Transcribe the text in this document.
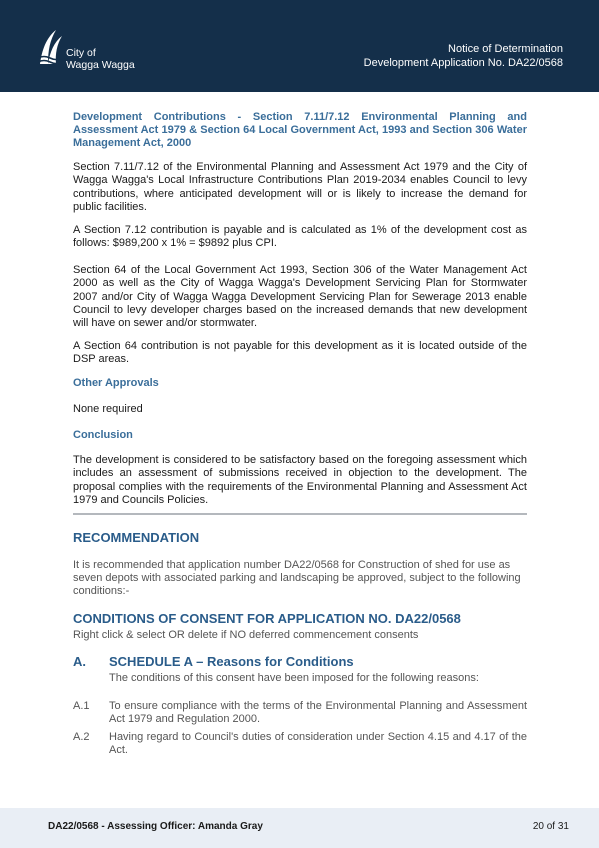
City of
Wagga Wagga
Notice of Determination
Development Application No. DA22/0568
Development Contributions - Section 7.11/7.12 Environmental Planning and Assessment Act 1979 & Section 64 Local Government Act, 1993 and Section 306 Water Management Act, 2000

Section 7.11/7.12 of the Environmental Planning and Assessment Act 1979 and the City of Wagga Wagga's Local Infrastructure Contributions Plan 2019-2034 enables Council to levy contributions, where anticipated development will or is likely to increase the demand for public facilities.

A Section 7.12 contribution is payable and is calculated as 1% of the development cost as follows: $989,200 x 1% = $9892 plus CPI.

Section 64 of the Local Government Act 1993, Section 306 of the Water Management Act 2000 as well as the City of Wagga Wagga's Development Servicing Plan for Stormwater 2007 and/or City of Wagga Wagga Development Servicing Plan for Sewerage 2013 enable Council to levy developer charges based on the increased demands that new development will have on sewer and/or stormwater.

A Section 64 contribution is not payable for this development as it is located outside of the DSP areas.

Other Approvals
None required
Conclusion

The development is considered to be satisfactory based on the foregoing assessment which includes an assessment of submissions received in objection to the development. The proposal complies with the requirements of the Environmental Planning and Assessment Act 1979 and Councils Policies.

RECOMMENDATION

It is recommended that application number DA22/0568 for Construction of shed for use as seven depots with associated parking and landscaping be approved, subject to the following conditions:-

CONDITIONS OF CONSENT FOR APPLICATION NO. DA22/0568
Right click & select OR delete if NO deferred commencement consents
A. SCHEDULE A – Reasons for Conditions
The conditions of this consent have been imposed for the following reasons:
A.1 To ensure compliance with the terms of the Environmental Planning and Assessment Act 1979 and Regulation 2000.
A.2 Having regard to Council's duties of consideration under Section 4.15 and 4.17 of the Act.
DA22/0568 - Assessing Officer: Amanda Gray	20 of 31
